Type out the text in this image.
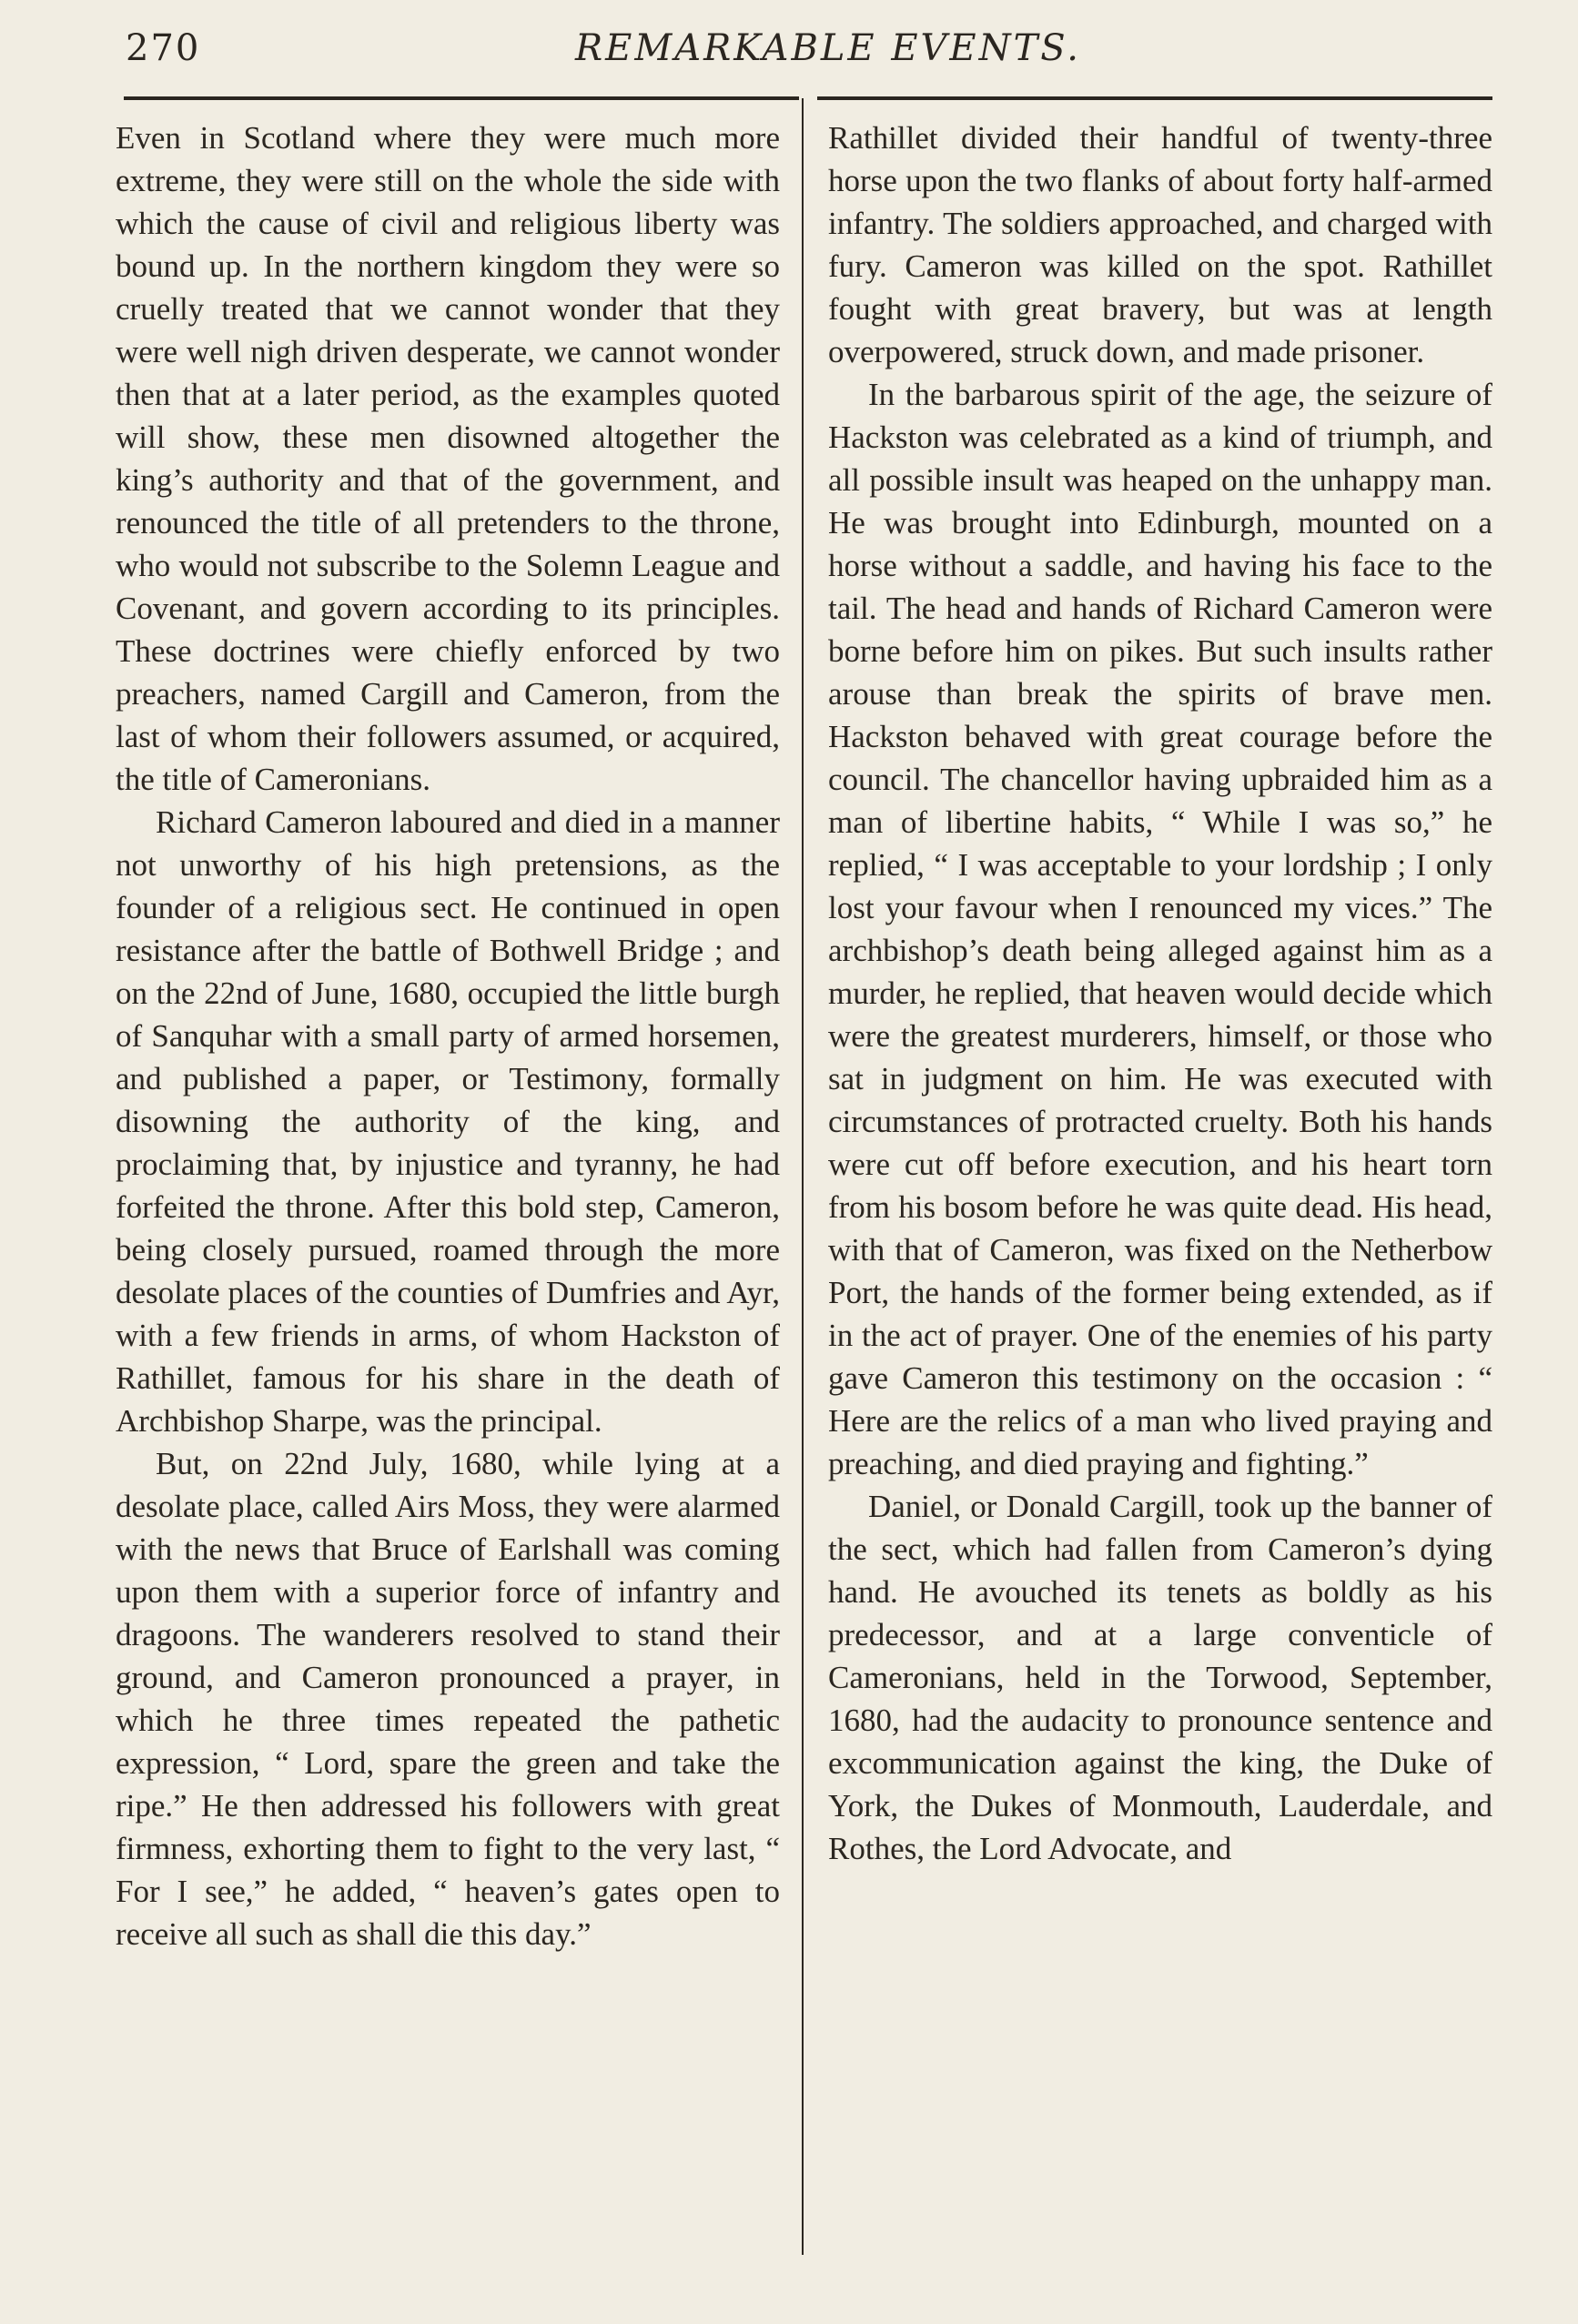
270	REMARKABLE EVENTS.

Even in Scotland where they were much more extreme, they were still on the whole the side with which the cause of civil and religious liberty was bound up. In the northern kingdom they were so cruelly treated that we cannot wonder that they were well nigh driven desperate, we cannot wonder then that at a later period, as the examples quoted will show, these men disowned altogether the king’s authority and that of the government, and renounced the title of all pretenders to the throne, who would not subscribe to the Solemn League and Covenant, and govern according to its principles. These doctrines were chiefly enforced by two preachers, named Cargill and Cameron, from the last of whom their followers assumed, or acquired, the title of Cameronians.

Richard Cameron laboured and died in a manner not unworthy of his high pretensions, as the founder of a religious sect. He continued in open resistance after the battle of Bothwell Bridge ; and on the 22nd of June, 1680, occupied the little burgh of Sanquhar with a small party of armed horsemen, and published a paper, or Testimony, formally disowning the authority of the king, and proclaiming that, by injustice and tyranny, he had forfeited the throne. After this bold step, Cameron, being closely pursued, roamed through the more desolate places of the counties of Dumfries and Ayr, with a few friends in arms, of whom Hackston of Rathillet, famous for his share in the death of Archbishop Sharpe, was the principal.

But, on 22nd July, 1680, while lying at a desolate place, called Airs Moss, they were alarmed with the news that Bruce of Earlshall was coming upon them with a superior force of infantry and dragoons. The wanderers resolved to stand their ground, and Cameron pronounced a prayer, in which he three times repeated the pathetic expression, “ Lord, spare the green and take the ripe.” He then addressed his followers with great firmness, exhorting them to fight to the very last, “ For I see,” he added, “ heaven’s gates open to receive all such as shall die this day.”

Rathillet divided their handful of twenty-three horse upon the two flanks of about forty half-armed infantry. The soldiers approached, and charged with fury. Cameron was killed on the spot. Rathillet fought with great bravery, but was at length overpowered, struck down, and made prisoner.

In the barbarous spirit of the age, the seizure of Hackston was celebrated as a kind of triumph, and all possible insult was heaped on the unhappy man. He was brought into Edinburgh, mounted on a horse without a saddle, and having his face to the tail. The head and hands of Richard Cameron were borne before him on pikes. But such insults rather arouse than break the spirits of brave men. Hackston behaved with great courage before the council. The chancellor having upbraided him as a man of libertine habits, “ While I was so,” he replied, “ I was acceptable to your lordship ; I only lost your favour when I renounced my vices.” The archbishop’s death being alleged against him as a murder, he replied, that heaven would decide which were the greatest murderers, himself, or those who sat in judgment on him. He was executed with circumstances of protracted cruelty. Both his hands were cut off before execution, and his heart torn from his bosom before he was quite dead. His head, with that of Cameron, was fixed on the Netherbow Port, the hands of the former being extended, as if in the act of prayer. One of the enemies of his party gave Cameron this testimony on the occasion : “ Here are the relics of a man who lived praying and preaching, and died praying and fighting.”

Daniel, or Donald Cargill, took up the banner of the sect, which had fallen from Cameron’s dying hand. He avouched its tenets as boldly as his predecessor, and at a large conventicle of Cameronians, held in the Torwood, September, 1680, had the audacity to pronounce sentence and excommunication against the king, the Duke of York, the Dukes of Monmouth, Lauderdale, and Rothes, the Lord Advocate, and
